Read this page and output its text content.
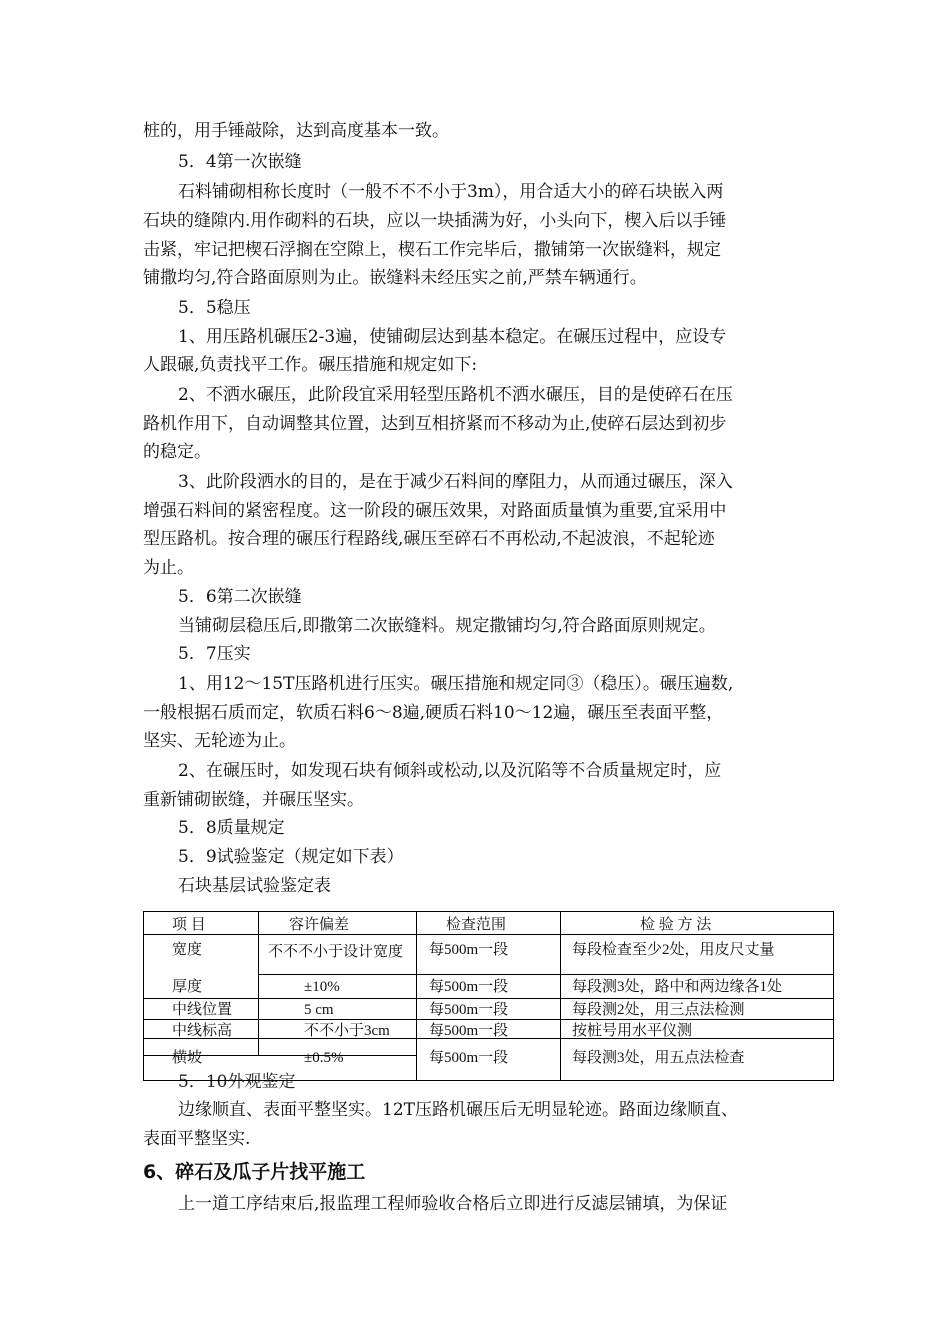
桩的，用手锤敲除，达到高度基本一致。
5．4第一次嵌缝
石料铺砌相称长度时（一般不不不小于3m），用合适大小的碎石块嵌入两
石块的缝隙内.用作砌料的石块，应以一块插满为好，小头向下，楔入后以手锤
击紧，牢记把楔石浮搁在空隙上，楔石工作完毕后，撒铺第一次嵌缝料，规定
铺撒均匀,符合路面原则为止。嵌缝料未经压实之前,严禁车辆通行。
5．5稳压
1、用压路机碾压2-3遍，使铺砌层达到基本稳定。在碾压过程中，应设专
人跟碾,负责找平工作。碾压措施和规定如下:
2、不洒水碾压，此阶段宜采用轻型压路机不洒水碾压，目的是使碎石在压
路机作用下，自动调整其位置，达到互相挤紧而不移动为止,使碎石层达到初步
的稳定。
3、此阶段洒水的目的，是在于减少石料间的摩阻力，从而通过碾压，深入
增强石料间的紧密程度。这一阶段的碾压效果，对路面质量慎为重要,宜采用中
型压路机。按合理的碾压行程路线,碾压至碎石不再松动,不起波浪，不起轮迹
为止。
5．6第二次嵌缝
当铺砌层稳压后,即撒第二次嵌缝料。规定撒铺均匀,符合路面原则规定。
5．7压实
1、用12～15T压路机进行压实。碾压措施和规定同③（稳压）。碾压遍数,
一般根据石质而定，软质石料6～8遍,硬质石料10～12遍，碾压至表面平整，
坚实、无轮迹为止。
2、在碾压时，如发现石块有倾斜或松动,以及沉陷等不合质量规定时，应
重新铺砌嵌缝，并碾压坚实。
5．8质量规定
5．9试验鉴定（规定如下表）
石块基层试验鉴定表
5．10外观鉴定
项 目	容许偏差	检查范围	检 验 方 法
宽度	不不不小于设计宽度	每500m一段	每段检查至少2处，用皮尺丈量
厚度	±10%	每500m一段	每段测3处，路中和两边缘各1处
中线位置	5 cm	每500m一段	每段测2处，用三点法检测
中线标高	不不小于3cm	每500m一段	按桩号用水平仪测
横坡	±0.5%	每500m一段	每段测3处，用五点法检查
边缘顺直、表面平整坚实。12T压路机碾压后无明显轮迹。路面边缘顺直、
表面平整坚实.
6、碎石及瓜子片找平施工
上一道工序结束后,报监理工程师验收合格后立即进行反滤层铺填，为保证
